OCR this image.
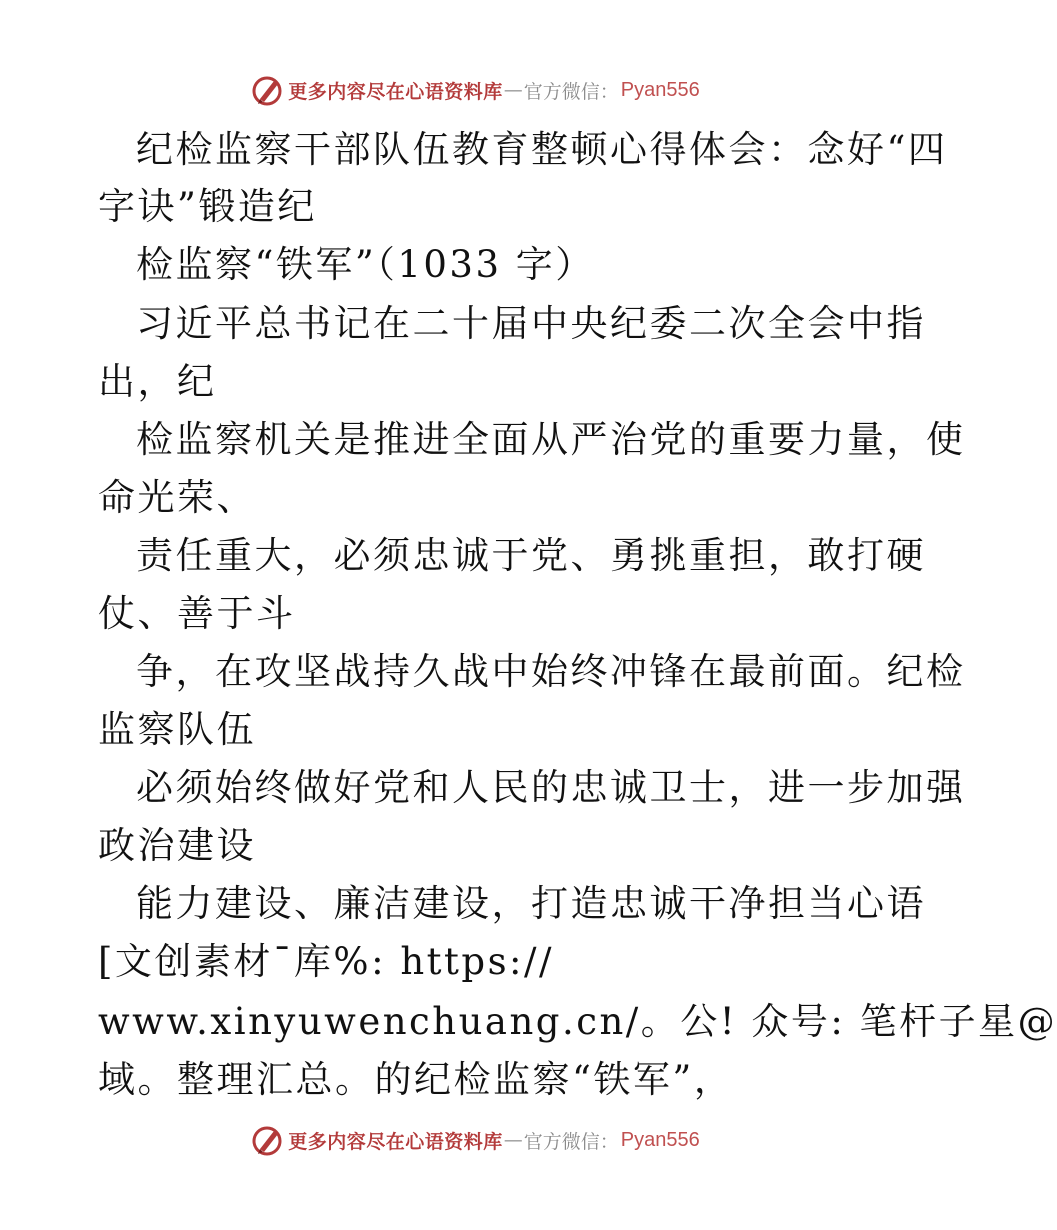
更多内容尽在心语资料库 — 官方微信： Pyan556
纪检监察干部队伍教育整顿心得体会：念好“四
字诀”锻造纪
检监察“铁军”（1033 字）
习近平总书记在二十届中央纪委二次全会中指
出，纪
检监察机关是推进全面从严治党的重要力量，使
命光荣、
责任重大，必须忠诚于党、勇挑重担，敢打硬
仗、善于斗
争，在攻坚战持久战中始终冲锋在最前面。纪检
监察队伍
必须始终做好党和人民的忠诚卫士，进一步加强
政治建设
能力建设、廉洁建设，打造忠诚干净担当心语
[文创素材¯库%: https://
www.xinyuwenchuang.cn/。公! 众号: 笔杆子星@
域。整理汇总。的纪检监察“铁军”，
更多内容尽在心语资料库 — 官方微信： Pyan556
